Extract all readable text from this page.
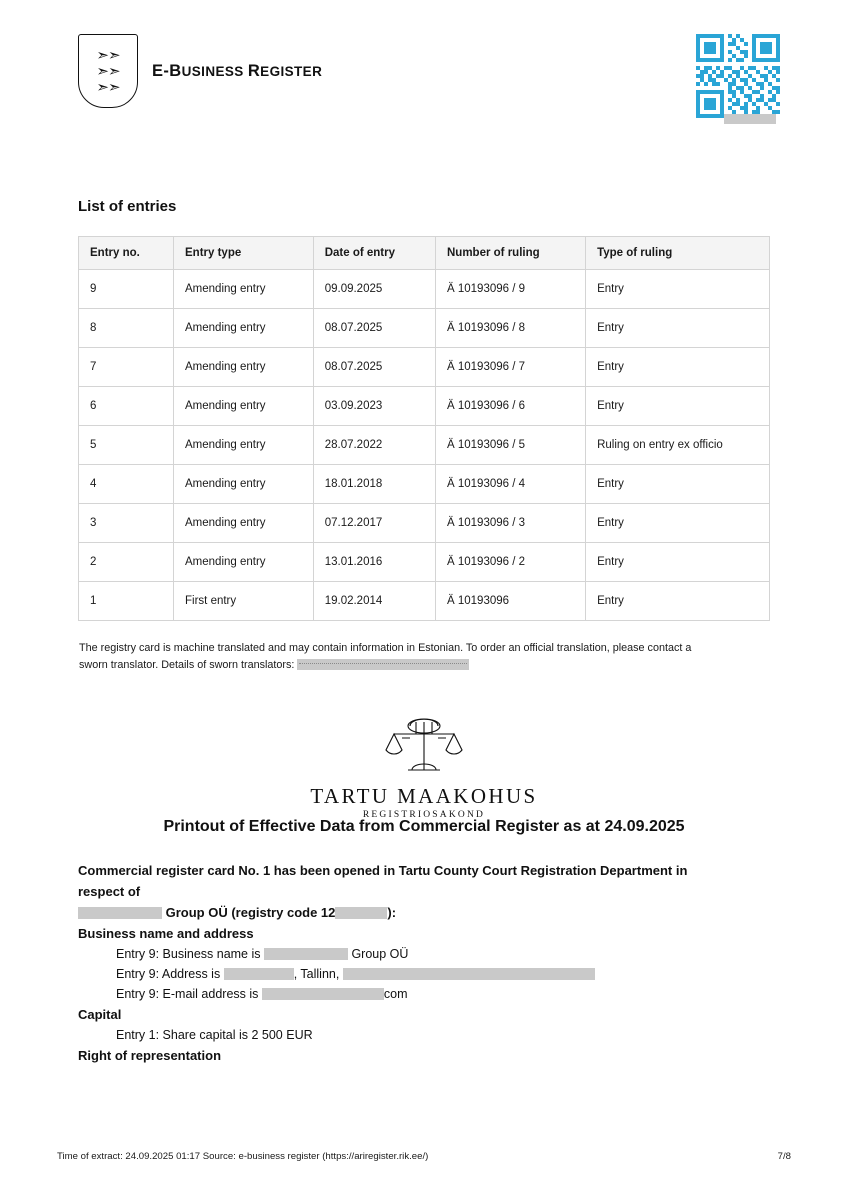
➣➣
➣➣
➣➣
E-BUSINESS REGISTER
List of entries
Entry no.	Entry type	Date of entry	Number of ruling	Type of ruling
9	Amending entry	09.09.2025	Ä 10193096 / 9	Entry
8	Amending entry	08.07.2025	Ä 10193096 / 8	Entry
7	Amending entry	08.07.2025	Ä 10193096 / 7	Entry
6	Amending entry	03.09.2023	Ä 10193096 / 6	Entry
5	Amending entry	28.07.2022	Ä 10193096 / 5	Ruling on entry ex officio
4	Amending entry	18.01.2018	Ä 10193096 / 4	Entry
3	Amending entry	07.12.2017	Ä 10193096 / 3	Entry
2	Amending entry	13.01.2016	Ä 10193096 / 2	Entry
1	First entry	19.02.2014	Ä 10193096	Entry
The registry card is machine translated and may contain information in Estonian. To order an official translation, please contact a
sworn translator. Details of sworn translators:
TARTU MAAKOHUS
REGISTRIOSAKOND
Printout of Effective Data from Commercial Register as at 24.09.2025

Commercial register card No. 1 has been opened in Tartu County Court Registration Department in

respect of

Group OÜ (registry code 12	):

Business name and address

Entry 9: Business name is	Group OÜ

Entry 9: Address is	, Tallinn,

Entry 9: E-mail address is	com

Capital

Entry 1: Share capital is 2 500 EUR

Right of representation

Time of extract: 24.09.2025 01:17 Source: e-business register (https://ariregister.rik.ee/)	7/8
